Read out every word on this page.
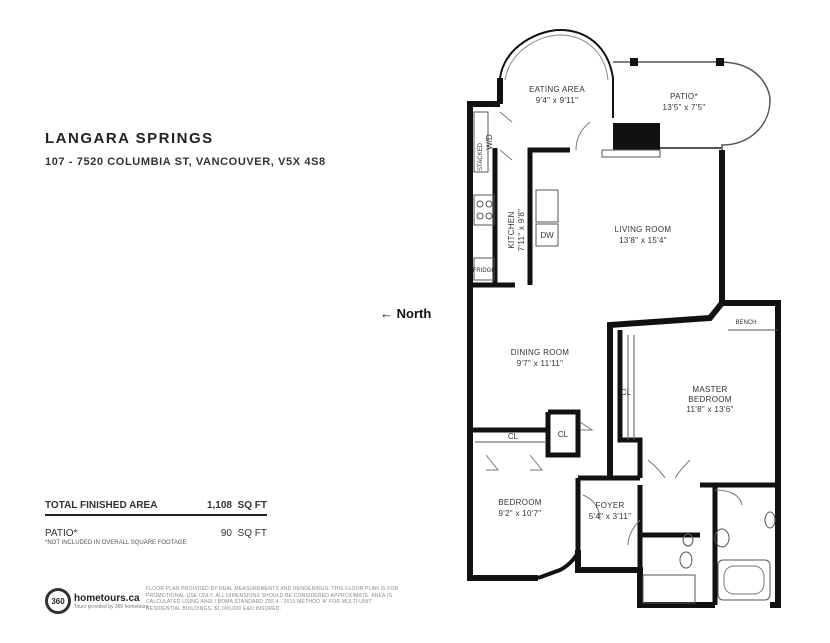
LANGARA SPRINGS
107 - 7520 COLUMBIA ST, VANCOUVER, V5X 4S8
← North
TOTAL FINISHED AREA	1,108 SQ FT
PATIO*	90 SQ FT
*NOT INCLUDED IN OVERALL SQUARE FOOTAGE
360 hometours.ca
Tours provided by 360 hometours
FLOOR PLAN PROVIDED BY REAL MEASUREMENTS AND RENDERINGS. THIS FLOOR PLAN IS FOR PROMOTIONAL USE ONLY. ALL DIMENSIONS SHOULD BE CONSIDERED APPROXIMATE. AREA IS CALCULATED USING ANSI / BOMA STANDARD Z65.4 - 2010 METHOD 'A' FOR MULTI-UNIT RESIDENTIAL BUILDINGS. $1,000,000 E&O INSURED.
EATING AREA
9'4" x 9'11"	PATIO*
13'5" x 7'5"
KITCHEN 7'11" x 9'8"	LIVING ROOM
13'8" x 15'4"
DINING ROOM
9'7" x 11'11"
MASTER
BEDROOM
11'8" x 13'6"
BEDROOM
9'2" x 10'7"
FOYER
5'4" x 3'11"
STACKED
W/D
DW
FRIDGE
BENCH
CL
CL	CL
